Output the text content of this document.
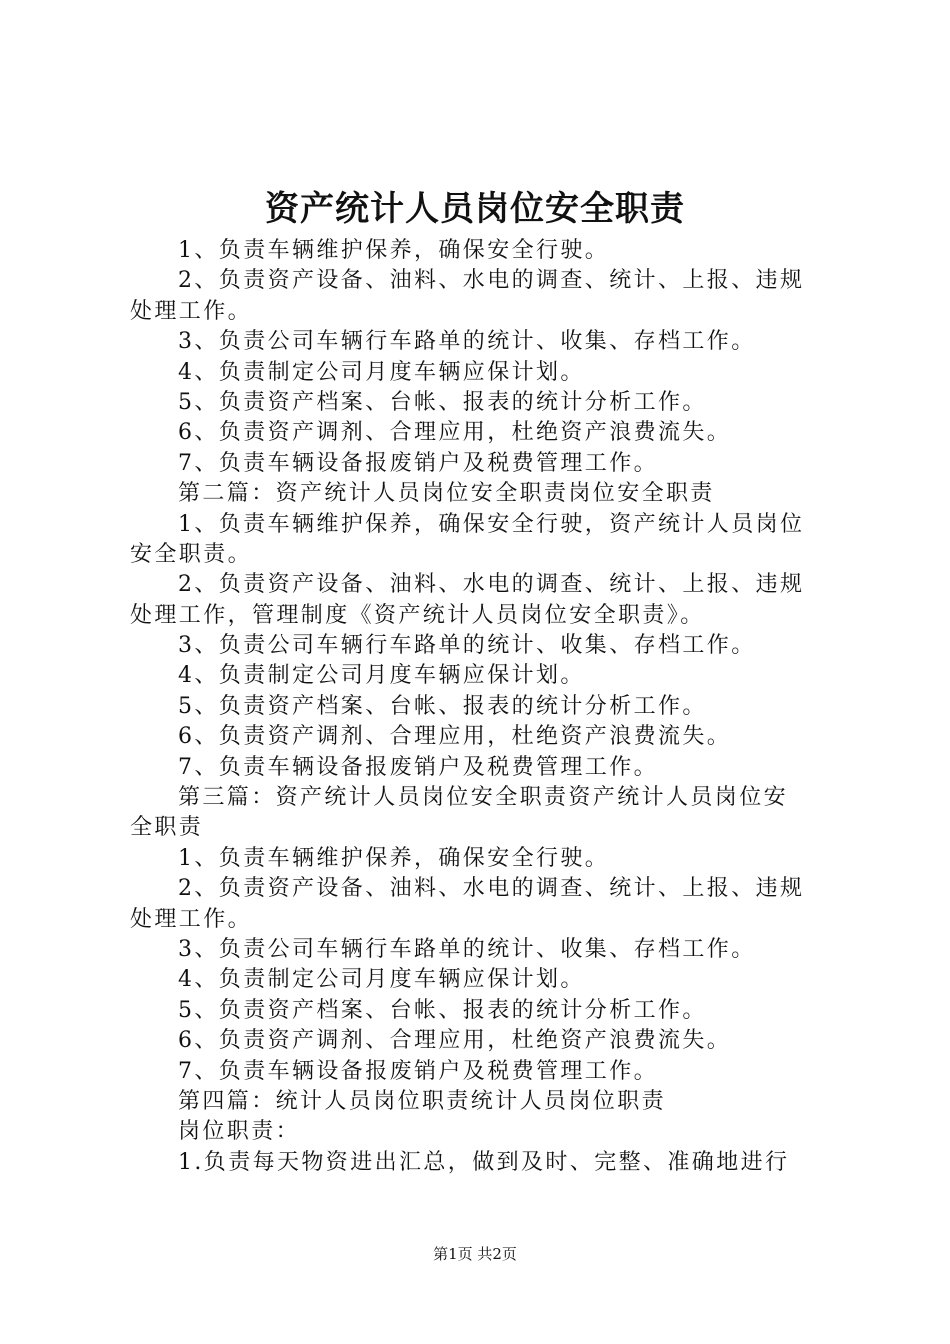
资产统计人员岗位安全职责
1、负责车辆维护保养，确保安全行驶。
2、负责资产设备、油料、水电的调查、统计、上报、违规
处理工作。
3、负责公司车辆行车路单的统计、收集、存档工作。
4、负责制定公司月度车辆应保计划。
5、负责资产档案、台帐、报表的统计分析工作。
6、负责资产调剂、合理应用，杜绝资产浪费流失。
7、负责车辆设备报废销户及税费管理工作。
第二篇：资产统计人员岗位安全职责岗位安全职责
1、负责车辆维护保养，确保安全行驶，资产统计人员岗位
安全职责。
2、负责资产设备、油料、水电的调查、统计、上报、违规
处理工作，管理制度《资产统计人员岗位安全职责》。
3、负责公司车辆行车路单的统计、收集、存档工作。
4、负责制定公司月度车辆应保计划。
5、负责资产档案、台帐、报表的统计分析工作。
6、负责资产调剂、合理应用，杜绝资产浪费流失。
7、负责车辆设备报废销户及税费管理工作。
第三篇：资产统计人员岗位安全职责资产统计人员岗位安
全职责
1、负责车辆维护保养，确保安全行驶。
2、负责资产设备、油料、水电的调查、统计、上报、违规
处理工作。
3、负责公司车辆行车路单的统计、收集、存档工作。
4、负责制定公司月度车辆应保计划。
5、负责资产档案、台帐、报表的统计分析工作。
6、负责资产调剂、合理应用，杜绝资产浪费流失。
7、负责车辆设备报废销户及税费管理工作。
第四篇：统计人员岗位职责统计人员岗位职责
岗位职责：
1.负责每天物资进出汇总，做到及时、完整、准确地进行
第1页 共2页
